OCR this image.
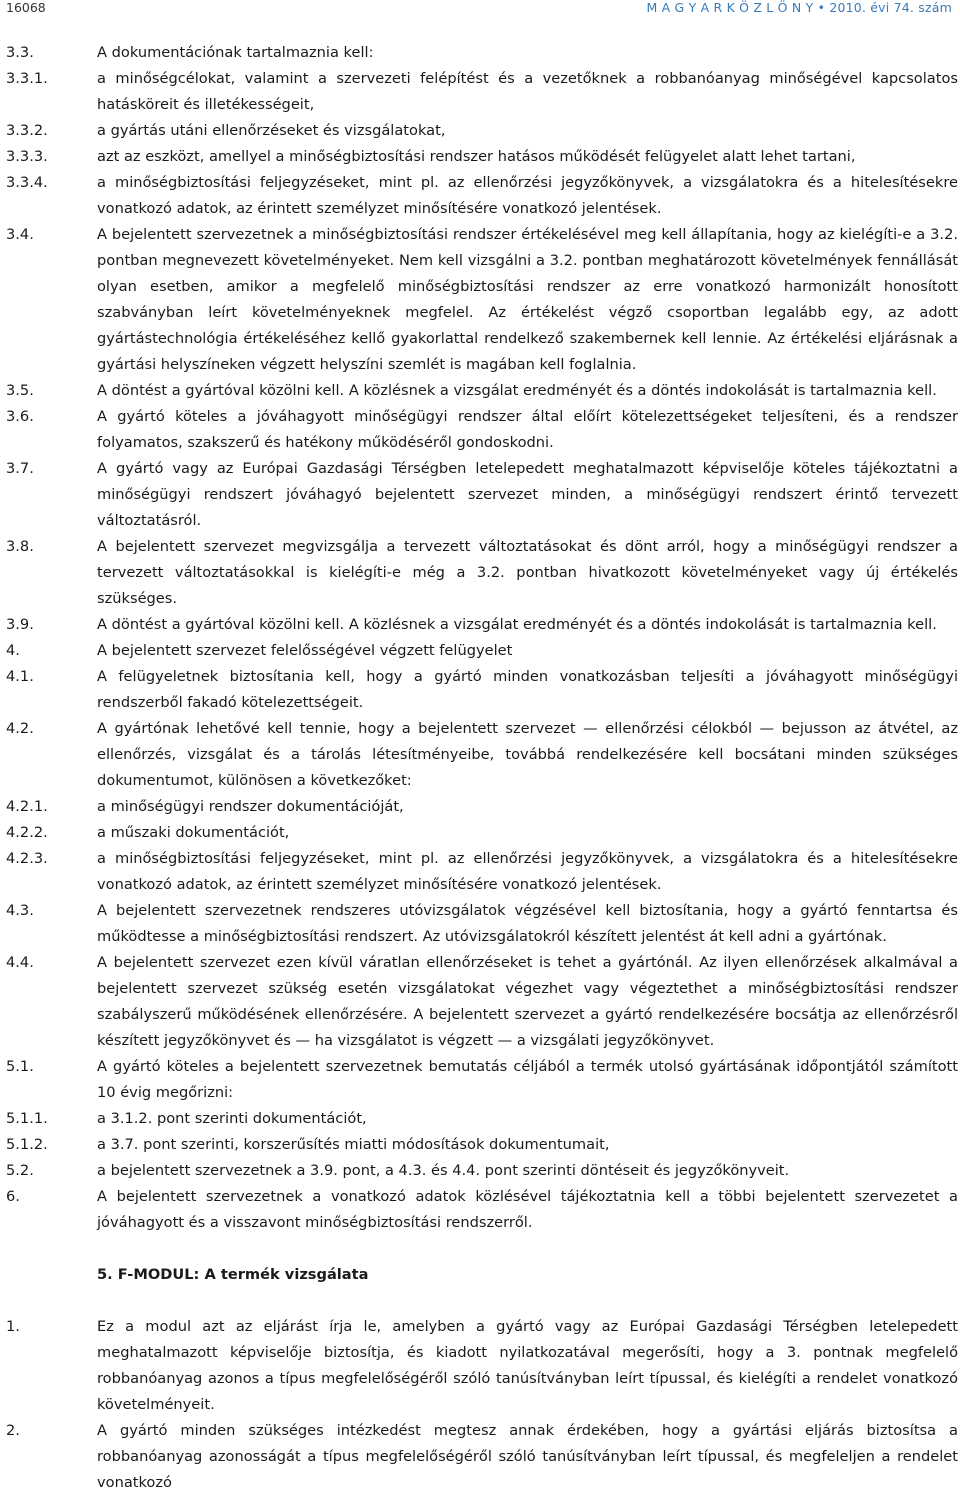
16068	M A G Y A R K Ö Z L Ö N Y • 2010. évi 74. szám
3.3.	A dokumentációnak tartalmaznia kell:
3.3.1.	a minőségcélokat, valamint a szervezeti felépítést és a vezetőknek a robbanóanyag minőségével kapcsolatos hatásköreit és illetékességeit,
3.3.2.	a gyártás utáni ellenőrzéseket és vizsgálatokat,
3.3.3.	azt az eszközt, amellyel a minőségbiztosítási rendszer hatásos működését felügyelet alatt lehet tartani,
3.3.4.	a minőségbiztosítási feljegyzéseket, mint pl. az ellenőrzési jegyzőkönyvek, a vizsgálatokra és a hitelesítésekre vonatkozó adatok, az érintett személyzet minősítésére vonatkozó jelentések.
3.4.	A bejelentett szervezetnek a minőségbiztosítási rendszer értékelésével meg kell állapítania, hogy az kielégíti-e a 3.2. pontban megnevezett követelményeket. Nem kell vizsgálni a 3.2. pontban meghatározott követelmények fennállását olyan esetben, amikor a megfelelő minőségbiztosítási rendszer az erre vonatkozó harmonizált honosított szabványban leírt követelményeknek megfelel. Az értékelést végző csoportban legalább egy, az adott gyártástechnológia értékeléséhez kellő gyakorlattal rendelkező szakembernek kell lennie. Az értékelési eljárásnak a gyártási helyszíneken végzett helyszíni szemlét is magában kell foglalnia.
3.5.	A döntést a gyártóval közölni kell. A közlésnek a vizsgálat eredményét és a döntés indokolását is tartalmaznia kell.
3.6.	A gyártó köteles a jóváhagyott minőségügyi rendszer által előírt kötelezettségeket teljesíteni, és a rendszer folyamatos, szakszerű és hatékony működéséről gondoskodni.
3.7.	A gyártó vagy az Európai Gazdasági Térségben letelepedett meghatalmazott képviselője köteles tájékoztatni a minőségügyi rendszert jóváhagyó bejelentett szervezet minden, a minőségügyi rendszert érintő tervezett változtatásról.
3.8.	A bejelentett szervezet megvizsgálja a tervezett változtatásokat és dönt arról, hogy a minőségügyi rendszer a tervezett változtatásokkal is kielégíti-e még a 3.2. pontban hivatkozott követelményeket vagy új értékelés szükséges.
3.9.	A döntést a gyártóval közölni kell. A közlésnek a vizsgálat eredményét és a döntés indokolását is tartalmaznia kell.
4.	A bejelentett szervezet felelősségével végzett felügyelet
4.1.	A felügyeletnek biztosítania kell, hogy a gyártó minden vonatkozásban teljesíti a jóváhagyott minőségügyi rendszerből fakadó kötelezettségeit.
4.2.	A gyártónak lehetővé kell tennie, hogy a bejelentett szervezet — ellenőrzési célokból — bejusson az átvétel, az ellenőrzés, vizsgálat és a tárolás létesítményeibe, továbbá rendelkezésére kell bocsátani minden szükséges dokumentumot, különösen a következőket:
4.2.1.	a minőségügyi rendszer dokumentációját,
4.2.2.	a műszaki dokumentációt,
4.2.3.	a minőségbiztosítási feljegyzéseket, mint pl. az ellenőrzési jegyzőkönyvek, a vizsgálatokra és a hitelesítésekre vonatkozó adatok, az érintett személyzet minősítésére vonatkozó jelentések.
4.3.	A bejelentett szervezetnek rendszeres utóvizsgálatok végzésével kell biztosítania, hogy a gyártó fenntartsa és működtesse a minőségbiztosítási rendszert. Az utóvizsgálatokról készített jelentést át kell adni a gyártónak.
4.4.	A bejelentett szervezet ezen kívül váratlan ellenőrzéseket is tehet a gyártónál. Az ilyen ellenőrzések alkalmával a bejelentett szervezet szükség esetén vizsgálatokat végezhet vagy végeztethet a minőségbiztosítási rendszer szabályszerű működésének ellenőrzésére. A bejelentett szervezet a gyártó rendelkezésére bocsátja az ellenőrzésről készített jegyzőkönyvet és — ha vizsgálatot is végzett — a vizsgálati jegyzőkönyvet.
5.1.	A gyártó köteles a bejelentett szervezetnek bemutatás céljából a termék utolsó gyártásának időpontjától számított 10 évig megőrizni:
5.1.1.	a 3.1.2. pont szerinti dokumentációt,
5.1.2.	a 3.7. pont szerinti, korszerűsítés miatti módosítások dokumentumait,
5.2.	a bejelentett szervezetnek a 3.9. pont, a 4.3. és 4.4. pont szerinti döntéseit és jegyzőkönyveit.
6.	A bejelentett szervezetnek a vonatkozó adatok közlésével tájékoztatnia kell a többi bejelentett szervezetet a jóváhagyott és a visszavont minőségbiztosítási rendszerről.
5. F-MODUL: A termék vizsgálata
1.	Ez a modul azt az eljárást írja le, amelyben a gyártó vagy az Európai Gazdasági Térségben letelepedett meghatalmazott képviselője biztosítja, és kiadott nyilatkozatával megerősíti, hogy a 3. pontnak megfelelő robbanóanyag azonos a típus megfelelőségéről szóló tanúsítványban leírt típussal, és kielégíti a rendelet vonatkozó követelményeit.
2.	A gyártó minden szükséges intézkedést megtesz annak érdekében, hogy a gyártási eljárás biztosítsa a robbanóanyag azonosságát a típus megfelelőségéről szóló tanúsítványban leírt típussal, és megfeleljen a rendelet vonatkozó
